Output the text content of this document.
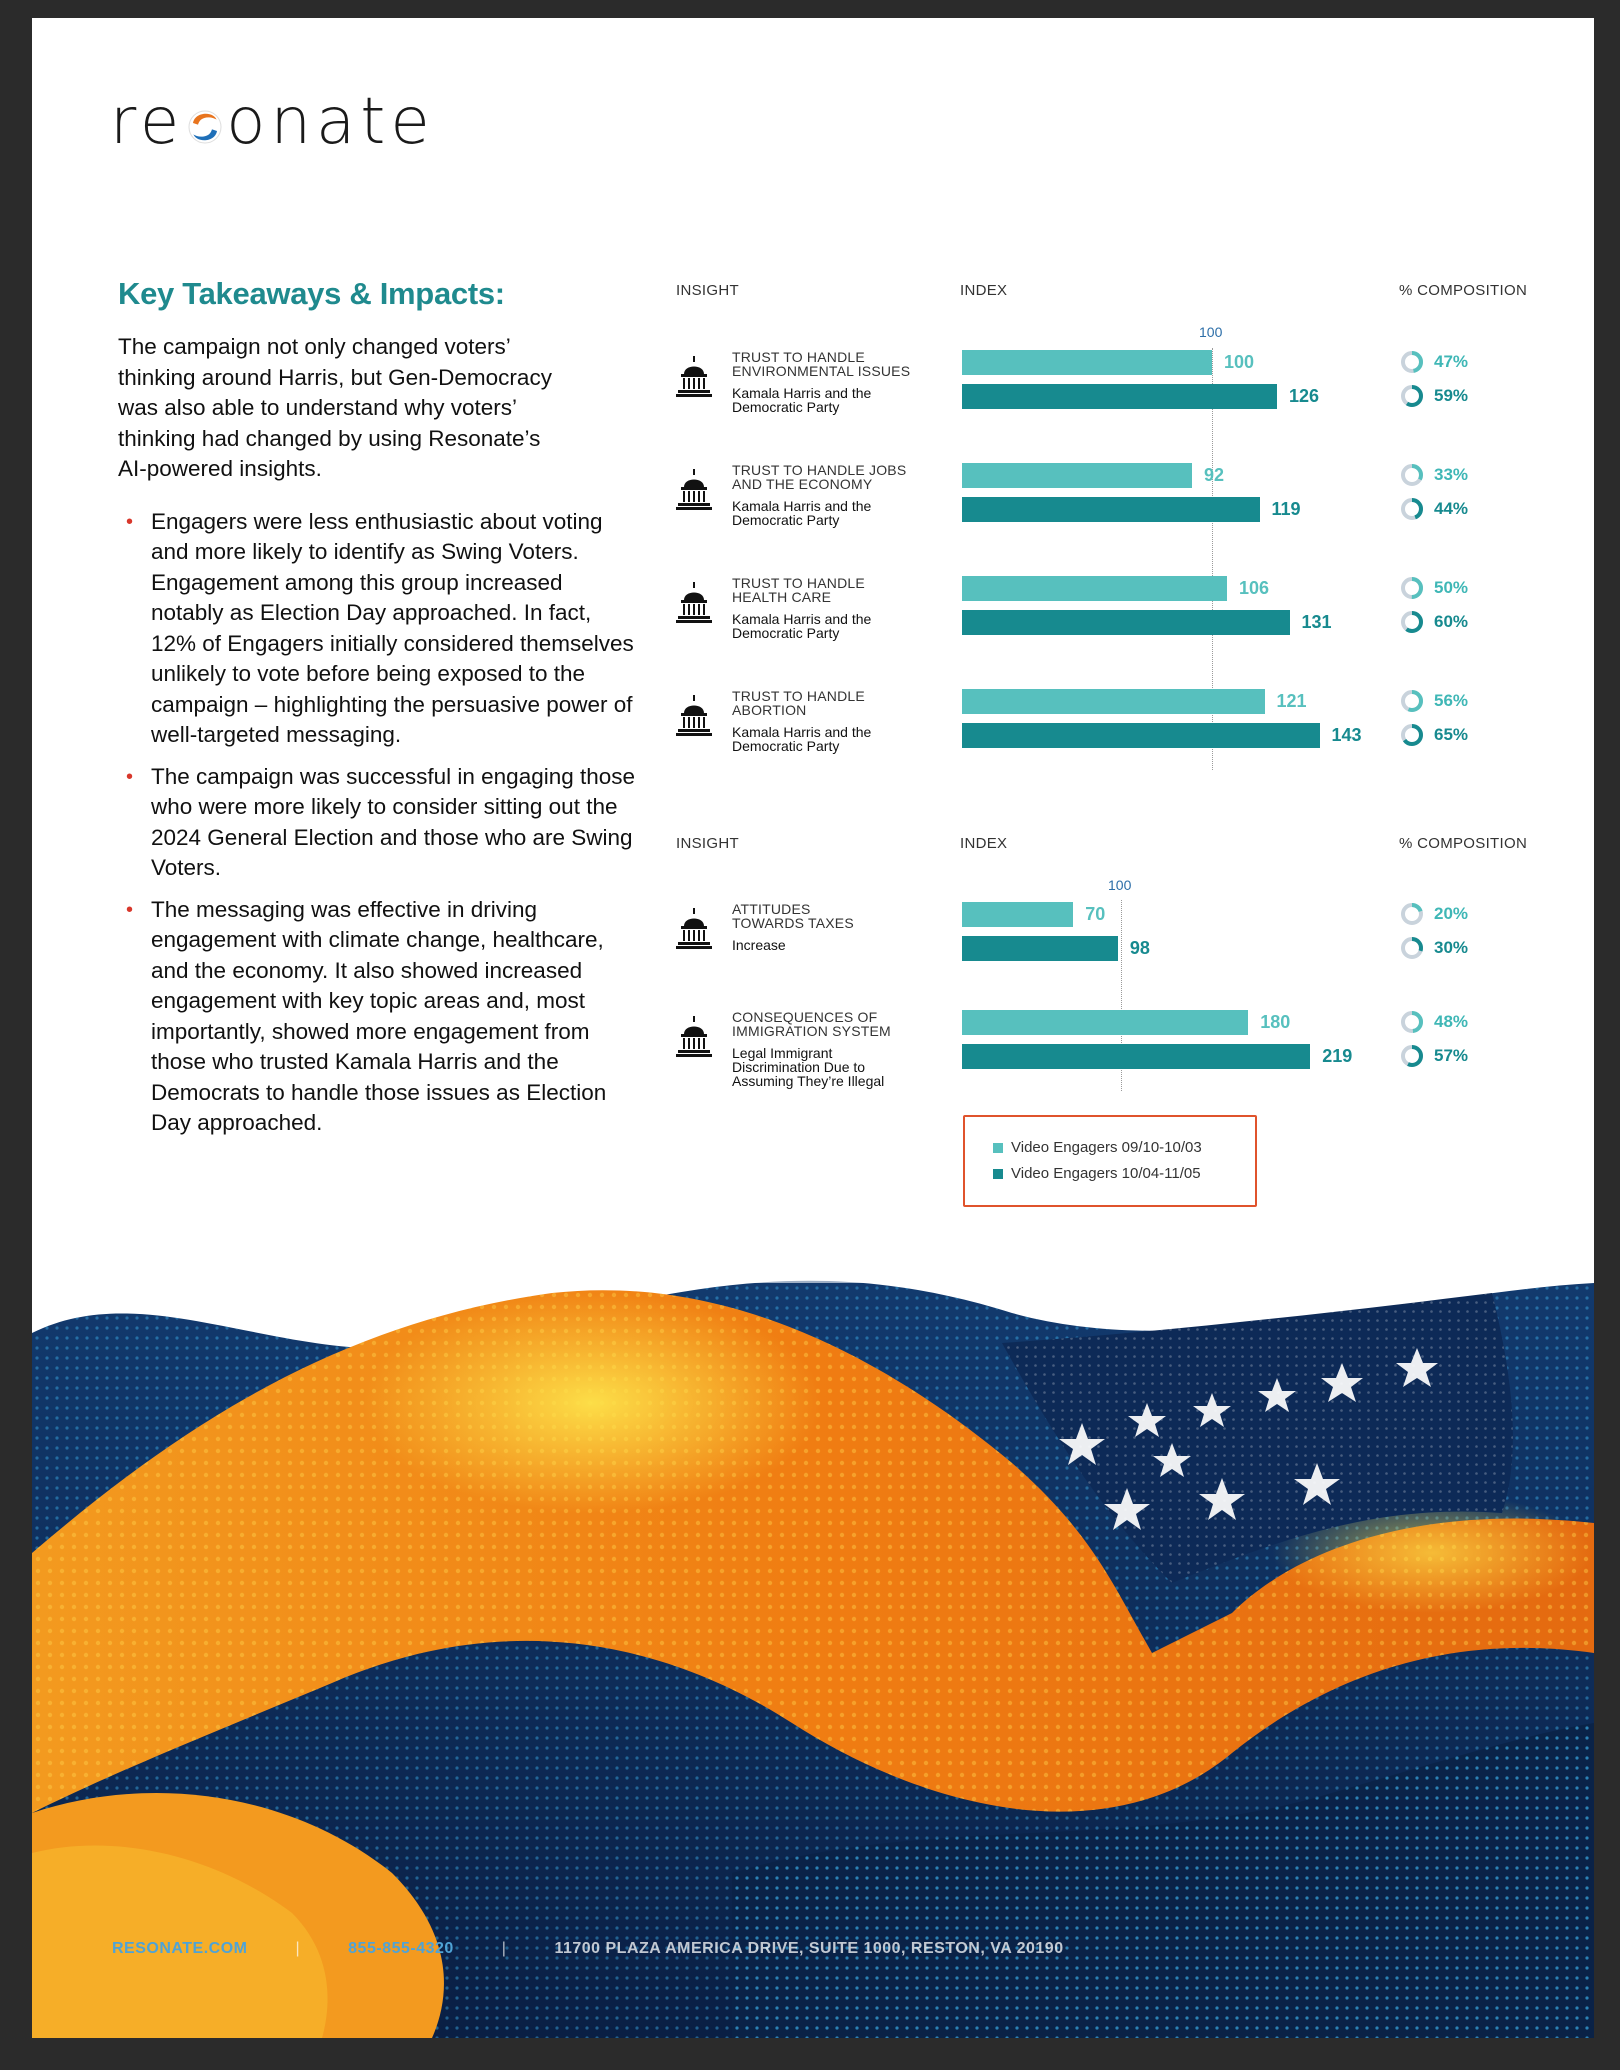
re onate
Key Takeaways & Impacts:

The campaign not only changed voters’ thinking around Harris, but Gen-Democracy was also able to understand why voters’ thinking had changed by using Resonate’s AI-powered insights.

• Engagers were less enthusiastic about voting and more likely to identify as Swing Voters. Engagement among this group increased notably as Election Day approached. In fact, 12% of Engagers initially considered themselves unlikely to vote before being exposed to the campaign – highlighting the persuasive power of well-targeted messaging.
• The campaign was successful in engaging those who were more likely to consider sitting out the 2024 General Election and those who are Swing Voters.
• The messaging was effective in driving engagement with climate change, healthcare, and the economy. It also showed increased engagement with key topic areas and, most importantly, showed more engagement from those who trusted Kamala Harris and the Democrats to handle those issues as Election Day approached.
Video Engagers 09/10-10/03
Video Engagers 10/04-11/05
RESONATE.COM	|	855-855-4320	|	11700 PLAZA AMERICA DRIVE, SUITE 1000, RESTON, VA 20190
INSIGHT	INDEX	% COMPOSITION
100
TRUST TO HANDLE
ENVIRONMENTAL ISSUES
Kamala Harris and the
Democratic Party
100	47%
126	59%
TRUST TO HANDLE JOBS
AND THE ECONOMY
Kamala Harris and the
Democratic Party
92	33%
119	44%
TRUST TO HANDLE
HEALTH CARE
Kamala Harris and the
Democratic Party
106	50%
131	60%
TRUST TO HANDLE
ABORTION
Kamala Harris and the
Democratic Party
121	56%
143	65%
INSIGHT	INDEX	% COMPOSITION
100
ATTITUDES
TOWARDS TAXES
Increase
70	20%
98	30%
CONSEQUENCES OF
IMMIGRATION SYSTEM
Legal Immigrant
Discrimination Due to
Assuming They’re Illegal
180	48%
219	57%
